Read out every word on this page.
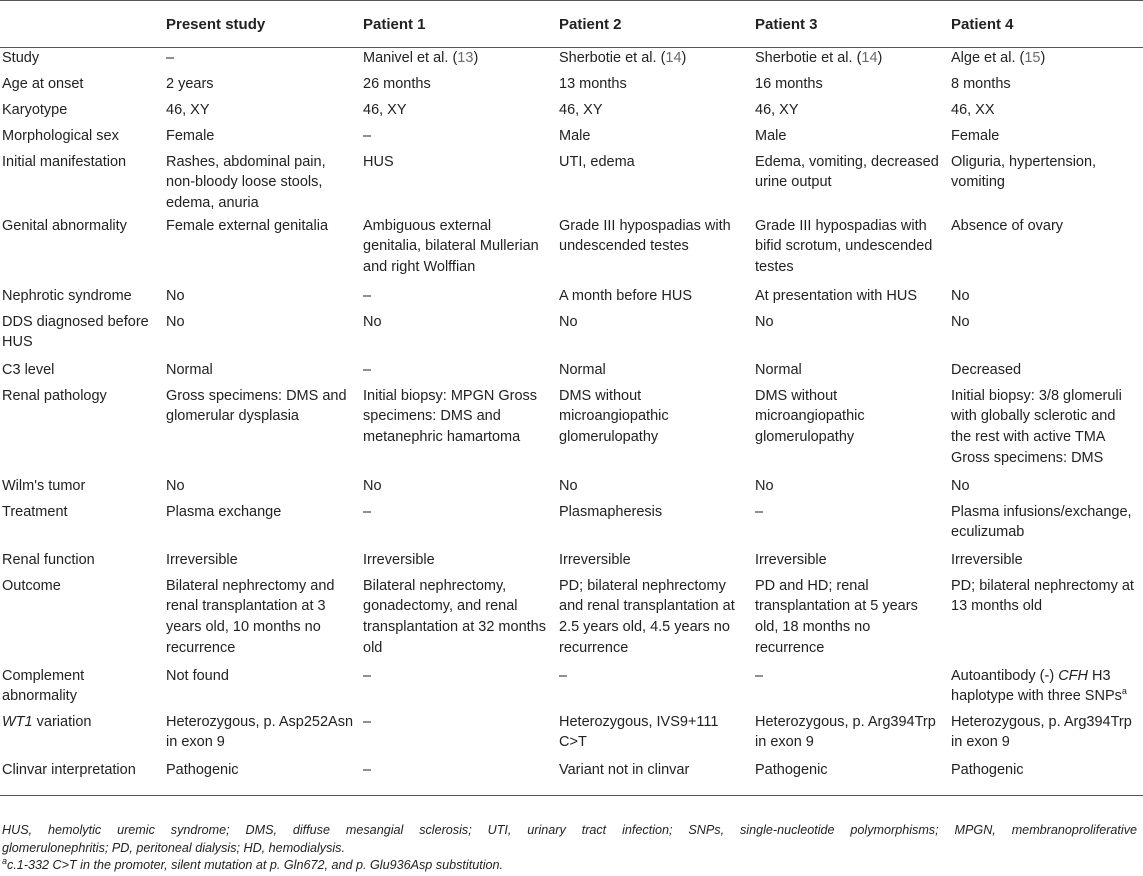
	Present study	Patient 1	Patient 2	Patient 3	Patient 4
Study	–	Manivel et al. (13)	Sherbotie et al. (14)	Sherbotie et al. (14)	Alge et al. (15)
Age at onset	2 years	26 months	13 months	16 months	8 months
Karyotype	46, XY	46, XY	46, XY	46, XY	46, XX
Morphological sex	Female	–	Male	Male	Female
Initial manifestation	Rashes, abdominal pain, non-bloody loose stools, edema, anuria	HUS	UTI, edema	Edema, vomiting, decreased urine output	Oliguria, hypertension, vomiting
Genital abnormality	Female external genitalia	Ambiguous external genitalia, bilateral Mullerian and right Wolffian	Grade III hypospadias with undescended testes	Grade III hypospadias with bifid scrotum, undescended testes	Absence of ovary
Nephrotic syndrome	No	–	A month before HUS	At presentation with HUS	No
DDS diagnosed before HUS	No	No	No	No	No
C3 level	Normal	–	Normal	Normal	Decreased
Renal pathology	Gross specimens: DMS and glomerular dysplasia	Initial biopsy: MPGN Gross specimens: DMS and metanephric hamartoma	DMS without microangiopathic glomerulopathy	DMS without microangiopathic glomerulopathy	Initial biopsy: 3/8 glomeruli with globally sclerotic and the rest with active TMA Gross specimens: DMS
Wilm's tumor	No	No	No	No	No
Treatment	Plasma exchange	–	Plasmapheresis	–	Plasma infusions/exchange, eculizumab
Renal function	Irreversible	Irreversible	Irreversible	Irreversible	Irreversible
Outcome	Bilateral nephrectomy and renal transplantation at 3 years old, 10 months no recurrence	Bilateral nephrectomy, gonadectomy, and renal transplantation at 32 months old	PD; bilateral nephrectomy and renal transplantation at 2.5 years old, 4.5 years no recurrence	PD and HD; renal transplantation at 5 years old, 18 months no recurrence	PD; bilateral nephrectomy at 13 months old
Complement abnormality	Not found	–	–	–	Autoantibody (-) CFH H3 haplotype with three SNPs$^a$
WT1 variation	Heterozygous, p. Asp252Asn in exon 9	–	Heterozygous, IVS9+111 C>T	Heterozygous, p. Arg394Trp in exon 9	Heterozygous, p. Arg394Trp in exon 9
Clinvar interpretation	Pathogenic	–	Variant not in clinvar	Pathogenic	Pathogenic
HUS, hemolytic uremic syndrome; DMS, diffuse mesangial sclerosis; UTI, urinary tract infection; SNPs, single-nucleotide polymorphisms; MPGN, membranoproliferative
glomerulonephritis; PD, peritoneal dialysis; HD, hemodialysis.
$^a$c.1-332 C>T in the promoter, silent mutation at p. Gln672, and p. Glu936Asp substitution.
